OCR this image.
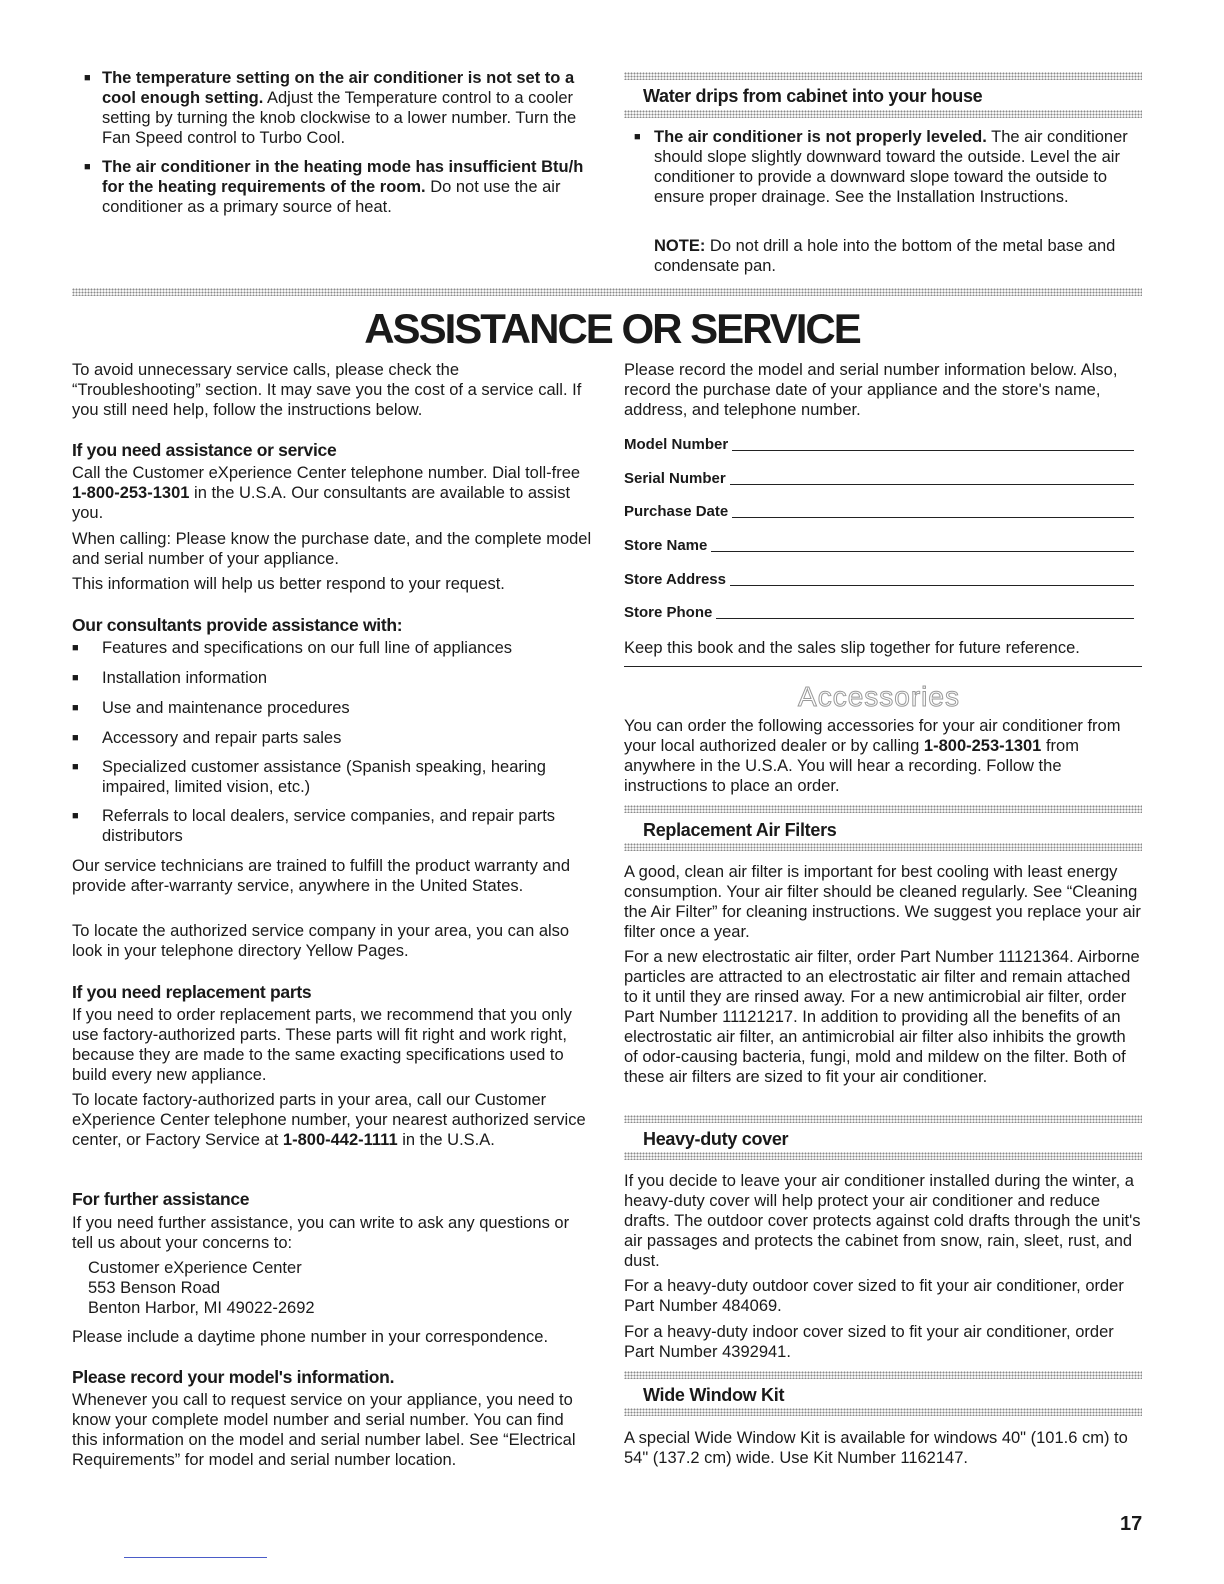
■ The temperature setting on the air conditioner is not set to a cool enough setting. Adjust the Temperature control to a cooler setting by turning the knob clockwise to a lower number. Turn the Fan Speed control to Turbo Cool.

■ The air conditioner in the heating mode has insufficient Btu/h for the heating requirements of the room. Do not use the air conditioner as a primary source of heat.

Water drips from cabinet into your house
■ The air conditioner is not properly leveled. The air conditioner should slope slightly downward toward the outside. Level the air conditioner to provide a downward slope toward the outside to ensure proper drainage. See the Installation Instructions.

NOTE: Do not drill a hole into the bottom of the metal base and condensate pan.

ASSISTANCE OR SERVICE

To avoid unnecessary service calls, please check the “Troubleshooting” section. It may save you the cost of a service call. If you still need help, follow the instructions below.

If you need assistance or service

Call the Customer eXperience Center telephone number. Dial toll-free 1-800-253-1301 in the U.S.A. Our consultants are available to assist you.

When calling: Please know the purchase date, and the complete model and serial number of your appliance.

This information will help us better respond to your request.

Our consultants provide assistance with:
■ Features and specifications on our full line of appliances

■ Installation information

■ Use and maintenance procedures

■ Accessory and repair parts sales

■ Specialized customer assistance (Spanish speaking, hearing impaired, limited vision, etc.)

■ Referrals to local dealers, service companies, and repair parts distributors

Our service technicians are trained to fulfill the product warranty and provide after-warranty service, anywhere in the United States.

To locate the authorized service company in your area, you can also look in your telephone directory Yellow Pages.

If you need replacement parts

If you need to order replacement parts, we recommend that you only use factory-authorized parts. These parts will fit right and work right, because they are made to the same exacting specifications used to build every new appliance.

To locate factory-authorized parts in your area, call our Customer eXperience Center telephone number, your nearest authorized service center, or Factory Service at 1-800-442-1111 in the U.S.A.

For further assistance

If you need further assistance, you can write to ask any questions or tell us about your concerns to:

Customer eXperience Center
553 Benson Road
Benton Harbor, MI 49022-2692

Please include a daytime phone number in your correspondence.

Please record your model's information.

Whenever you call to request service on your appliance, you need to know your complete model number and serial number. You can find this information on the model and serial number label. See “Electrical Requirements” for model and serial number location.

Please record the model and serial number information below. Also, record the purchase date of your appliance and the store's name, address, and telephone number.

Model Number
Serial Number
Purchase Date
Store Name
Store Address
Store Phone

Keep this book and the sales slip together for future reference.

Accessories

You can order the following accessories for your air conditioner from your local authorized dealer or by calling 1-800-253-1301 from anywhere in the U.S.A. You will hear a recording. Follow the instructions to place an order.

Replacement Air Filters

A good, clean air filter is important for best cooling with least energy consumption. Your air filter should be cleaned regularly. See “Cleaning the Air Filter” for cleaning instructions. We suggest you replace your air filter once a year.

For a new electrostatic air filter, order Part Number 11121364. Airborne particles are attracted to an electrostatic air filter and remain attached to it until they are rinsed away. For a new antimicrobial air filter, order Part Number 11121217. In addition to providing all the benefits of an electrostatic air filter, an antimicrobial air filter also inhibits the growth of odor-causing bacteria, fungi, mold and mildew on the filter. Both of these air filters are sized to fit your air conditioner.

Heavy-duty cover

If you decide to leave your air conditioner installed during the winter, a heavy-duty cover will help protect your air conditioner and reduce drafts. The outdoor cover protects against cold drafts through the unit's air passages and protects the cabinet from snow, rain, sleet, rust, and dust.

For a heavy-duty outdoor cover sized to fit your air conditioner, order Part Number 484069.

For a heavy-duty indoor cover sized to fit your air conditioner, order Part Number 4392941.

Wide Window Kit

A special Wide Window Kit is available for windows 40" (101.6 cm) to 54" (137.2 cm) wide. Use Kit Number 1162147.

17
